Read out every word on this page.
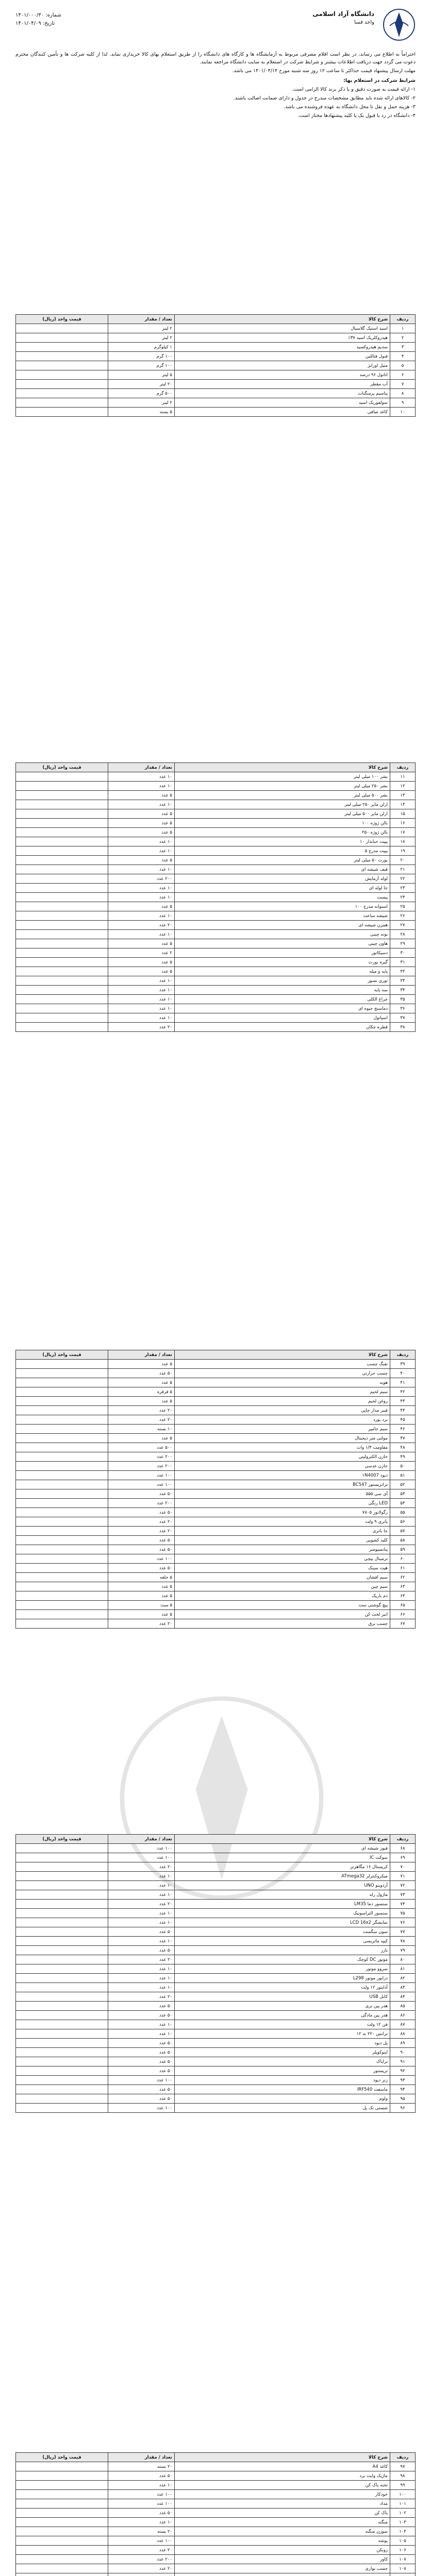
دانشگاه آزاد اسلامی
واحد فسا
شماره: ۱۴۰۱/۰۰۰/۳۰
تاریخ: ۱۴۰۱/۰۴/۰۹

احتراماً به اطلاع می رساند، در نظر است اقلام مصرفی مربوط به آزمایشگاه ها و کارگاه های دانشگاه را از طریق استعلام بهای کالا خریداری نماید. لذا از کلیه شرکت ها و تأمین کنندگان محترم دعوت می گردد جهت دریافت اطلاعات بیشتر و شرایط شرکت در استعلام به سایت دانشگاه مراجعه نمایند.

مهلت ارسال پیشنهاد قیمت حداکثر تا ساعت ۱۲ روز سه شنبه مورخ ۱۴۰۱/۰۴/۱۴ می باشد.

شرایط شرکت در استعلام بها:

۱- ارائه قیمت به صورت دقیق و با ذکر برند کالا الزامی است.

۲- کالاهای ارائه شده باید مطابق مشخصات مندرج در جدول و دارای ضمانت اصالت باشند.

۳- هزینه حمل و نقل تا محل دانشگاه به عهده فروشنده می باشد.

۴- دانشگاه در رد یا قبول یک یا کلیه پیشنهادها مختار است.

ردیف	شرح کالا	تعداد / مقدار	قیمت واحد (ریال)
۱	اسید استیک گلاسیال	۲ لیتر	
۲	هیدروکلریک اسید ۳۷٪	۲ لیتر	
۳	سدیم هیدروکسید	۱ کیلوگرم	
۴	فنول فتالئین	۱۰۰ گرم	
۵	متیل اورانژ	۱۰۰ گرم	
۶	اتانول ۹۶ درصد	۵ لیتر	
۷	آب مقطر	۲۰ لیتر	
۸	پتاسیم پرمنگنات	۵۰۰ گرم	
۹	سولفوریک اسید	۲ لیتر	
۱۰	کاغذ صافی	۵ بسته	
ردیف	شرح کالا	تعداد / مقدار	قیمت واحد (ریال)
۱۱	بشر ۱۰۰ میلی لیتر	۱۰ عدد	
۱۲	بشر ۲۵۰ میلی لیتر	۱۰ عدد	
۱۳	بشر ۵۰۰ میلی لیتر	۵ عدد	
۱۴	ارلن مایر ۲۵۰ میلی لیتر	۱۰ عدد	
۱۵	ارلن مایر ۵۰۰ میلی لیتر	۵ عدد	
۱۶	بالن ژوژه ۱۰۰	۵ عدد	
۱۷	بالن ژوژه ۲۵۰	۵ عدد	
۱۸	پیپت حبابدار ۱۰	۱۰ عدد	
۱۹	پیپت مدرج ۵	۱۰ عدد	
۲۰	بورت ۵۰ میلی لیتر	۵ عدد	
۲۱	قیف شیشه ای	۱۰ عدد	
۲۲	لوله آزمایش	۲۰۰ عدد	
۲۳	جا لوله ای	۱۰ عدد	
۲۴	پیست	۱۰ عدد	
۲۵	استوانه مدرج ۱۰۰	۵ عدد	
۲۶	شیشه ساعت	۱۰ عدد	
۲۷	همزن شیشه ای	۲۰ عدد	
۲۸	بوته چینی	۱۰ عدد	
۲۹	هاون چینی	۵ عدد	
۳۰	دسیکاتور	۲ عدد	
۳۱	گیره بورت	۵ عدد	
۳۲	پایه و میله	۵ عدد	
۳۳	توری نسوز	۱۰ عدد	
۳۴	سه پایه	۱۰ عدد	
۳۵	چراغ الکلی	۱۰ عدد	
۳۶	دماسنج جیوه ای	۱۰ عدد	
۳۷	اسپاتول	۱۰ عدد	
۳۸	قطره چکان	۲۰ عدد	
ردیف	شرح کالا	تعداد / مقدار	قیمت واحد (ریال)
۳۹	تفنگ چسب	۵ عدد	
۴۰	چسب حرارتی	۵۰ عدد	
۴۱	هویه	۵ عدد	
۴۲	سیم لحیم	۵ قرقره	
۴۳	روغن لحیم	۵ عدد	
۴۴	فیبر مدار چاپی	۲۰ عدد	
۴۵	برد بورد	۲۰ عدد	
۴۶	سیم جامپر	۱۰ بسته	
۴۷	مولتی متر دیجیتال	۵ عدد	
۴۸	مقاومت ۱/۴ وات	۵۰۰ عدد	
۴۹	خازن الکترولیتی	۲۰۰ عدد	
۵۰	خازن عدسی	۲۰۰ عدد	
۵۱	دیود ۱N4007	۱۰۰ عدد	
۵۲	ترانزیستور BC547	۱۰۰ عدد	
۵۳	آی سی ۵۵۵	۵۰ عدد	
۵۴	LED رنگی	۲۰۰ عدد	
۵۵	رگولاتور ۷۸۰۵	۵۰ عدد	
۵۶	باتری ۹ ولت	۲۰ عدد	
۵۷	جا باتری	۲۰ عدد	
۵۸	کلید کشویی	۵۰ عدد	
۵۹	پتانسیومتر	۵۰ عدد	
۶۰	ترمینال پیچی	۱۰۰ عدد	
۶۱	هیت سینک	۵۰ عدد	
۶۲	سیم افشان	۵ حلقه	
۶۳	سیم چین	۵ عدد	
۶۴	دم باریک	۵ عدد	
۶۵	پیچ گوشتی ست	۵ ست	
۶۶	انبر لخت کن	۵ عدد	
۶۷	چسب برق	۲۰ عدد	
ردیف	شرح کالا	تعداد / مقدار	قیمت واحد (ریال)
۶۸	فیوز شیشه ای	۱۰۰ عدد	
۶۹	سوکت IC	۱۰۰ عدد	
۷۰	کریستال ۱۶ مگاهرتز	۲۰ عدد	
۷۱	میکروکنترلر ATmega32	۱۰ عدد	
۷۲	آردوینو UNO	۱۰ عدد	
۷۳	ماژول رله	۱۰ عدد	
۷۴	سنسور دما LM35	۲۰ عدد	
۷۵	سنسور التراسونیک	۱۰ عدد	
۷۶	نمایشگر LCD 16x2	۱۰ عدد	
۷۷	سون سگمنت	۵۰ عدد	
۷۸	کیپد ماتریسی	۱۰ عدد	
۷۹	بازر	۵۰ عدد	
۸۰	موتور DC کوچک	۲۰ عدد	
۸۱	سروو موتور	۱۰ عدد	
۸۲	درایور موتور L298	۱۰ عدد	
۸۳	آداپتور ۱۲ ولت	۱۰ عدد	
۸۴	کابل USB	۲۰ عدد	
۸۵	هدر پین نری	۵۰ عدد	
۸۶	هدر پین مادگی	۵۰ عدد	
۸۷	فن ۱۲ ولت	۱۰ عدد	
۸۸	ترانس ۲۲۰ به ۱۲	۱۰ عدد	
۸۹	پل دیود	۵۰ عدد	
۹۰	اپتوکوپلر	۵۰ عدد	
۹۱	ترایاک	۵۰ عدد	
۹۲	تریستور	۵۰ عدد	
۹۳	زنر دیود	۱۰۰ عدد	
۹۴	ماسفت IRF540	۵۰ عدد	
۹۵	ولوم	۵۰ عدد	
۹۶	شستی تک پل	۱۰۰ عدد	
ردیف	شرح کالا	تعداد / مقدار	قیمت واحد (ریال)
۹۷	کاغذ A4	۲۰ بسته	
۹۸	ماژیک وایت برد	۵۰ عدد	
۹۹	تخته پاک کن	۱۰ عدد	
۱۰۰	خودکار	۱۰۰ عدد	
۱۰۱	مداد	۱۰۰ عدد	
۱۰۲	پاک کن	۵۰ عدد	
۱۰۳	منگنه	۱۰ عدد	
۱۰۴	سوزن منگنه	۲۰ بسته	
۱۰۵	پوشه	۱۰۰ عدد	
۱۰۶	زونکن	۲۰ عدد	
۱۰۷	کاور	۲۰۰ عدد	
۱۰۸	چسب نواری	۲۰ عدد	
